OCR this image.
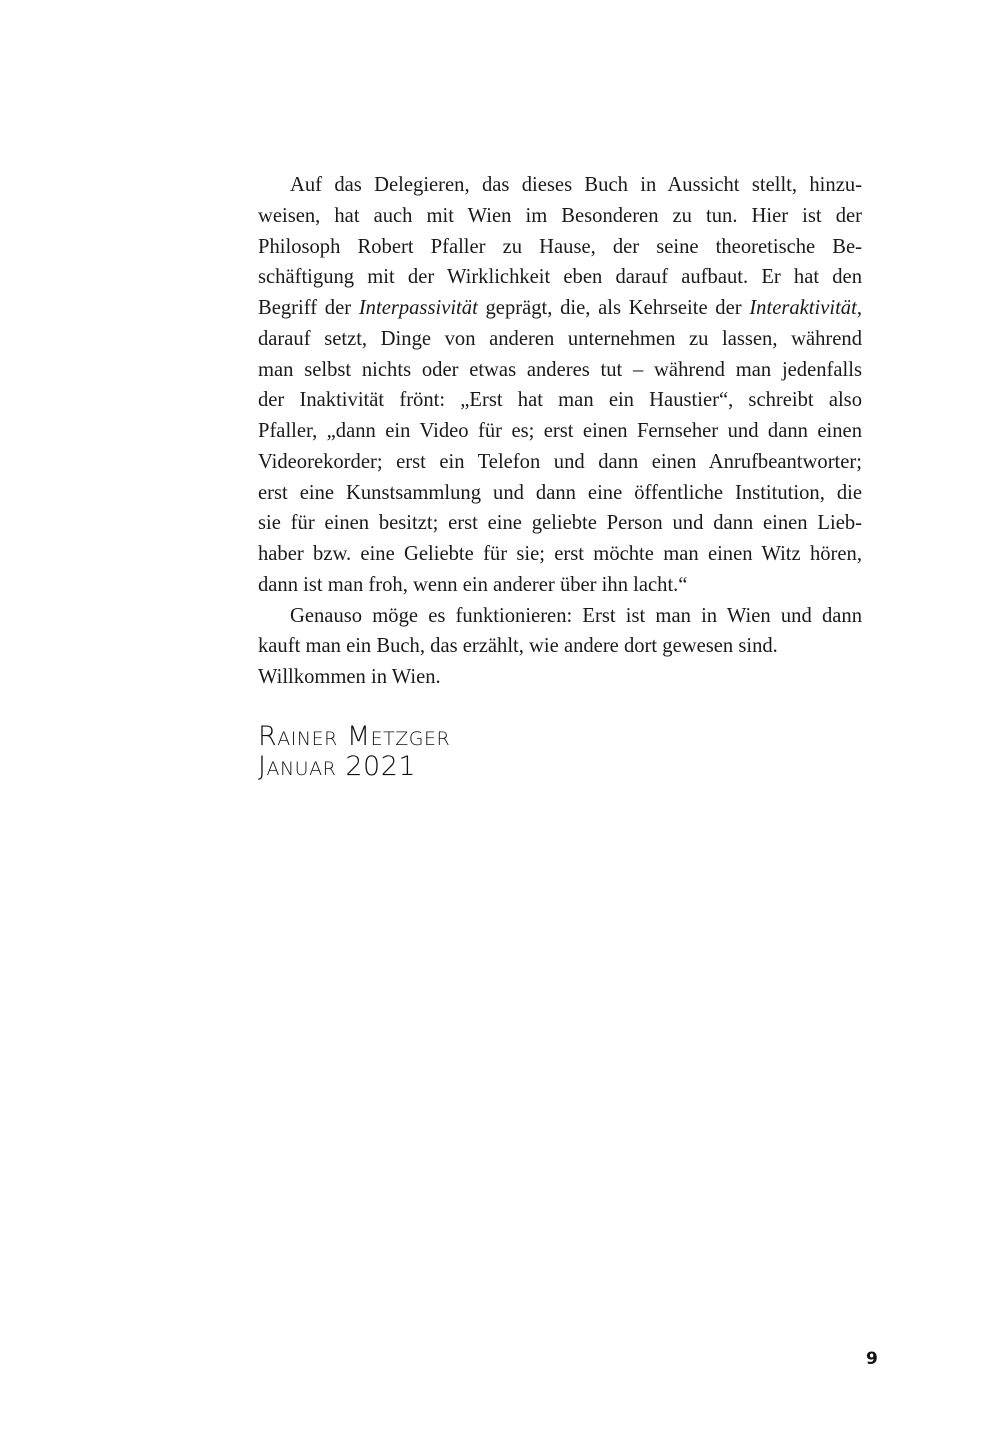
Auf das Delegieren, das dieses Buch in Aussicht stellt, hinzu-
weisen, hat auch mit Wien im Besonderen zu tun. Hier ist der
Philosoph Robert Pfaller zu Hause, der seine theoretische Be-
schäftigung mit der Wirklichkeit eben darauf aufbaut. Er hat den
Begriff der Interpassivität geprägt, die, als Kehrseite der Interaktivität,
darauf setzt, Dinge von anderen unternehmen zu lassen, während
man selbst nichts oder etwas anderes tut – während man jedenfalls
der Inaktivität frönt: „Erst hat man ein Haustier“, schreibt also
Pfaller, „dann ein Video für es; erst einen Fernseher und dann einen
Videorekorder; erst ein Telefon und dann einen Anrufbeantworter;
erst eine Kunstsammlung und dann eine öffentliche Institution, die
sie für einen besitzt; erst eine geliebte Person und dann einen Lieb-
haber bzw. eine Geliebte für sie; erst möchte man einen Witz hören,
dann ist man froh, wenn ein anderer über ihn lacht.“
Genauso möge es funktionieren: Erst ist man in Wien und dann
kauft man ein Buch, das erzählt, wie andere dort gewesen sind.
Willkommen in Wien.
Rainer Metzger
Januar 2021
9
